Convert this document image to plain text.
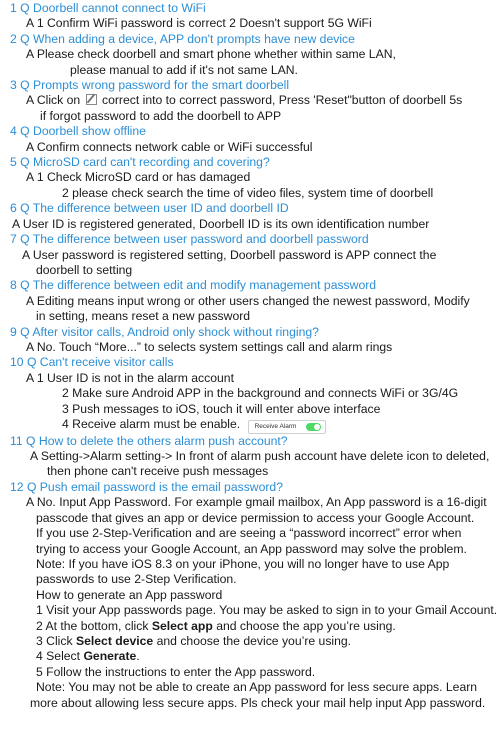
1 Q Doorbell cannot connect to WiFi
A 1 Confirm WiFi password is correct 2 Doesn't support 5G WiFi
2 Q When adding a device, APP don't prompts have new device
A Please check doorbell and smart phone whether within same LAN,
please manual to add if it's not same LAN.
3 Q Prompts wrong password for the smart doorbell
A Click on correct into to correct password, Press 'Reset"button of doorbell 5s
if forgot password to add the doorbell to APP
4 Q Doorbell show offline
A Confirm connects network cable or WiFi successful
5 Q MicroSD card can't recording and covering?
A 1 Check MicroSD card or has damaged
2 please check search the time of video files, system time of doorbell
6 Q The difference between user ID and doorbell ID
A User ID is registered generated, Doorbell ID is its own identification number
7 Q The difference between user password and doorbell password
A User password is registered setting, Doorbell password is APP connect the
doorbell to setting
8 Q The difference between edit and modify management password
A Editing means input wrong or other users changed the newest password, Modify
in setting, means reset a new password
9 Q After visitor calls, Android only shock without ringing?
A No. Touch “More...” to selects system settings call and alarm rings
10 Q Can't receive visitor calls
A 1 User ID is not in the alarm account
2 Make sure Android APP in the background and connects WiFi or 3G/4G
3 Push messages to iOS, touch it will enter above interface
4 Receive alarm must be enable. Receive Alarm
11 Q How to delete the others alarm push account?
A Setting->Alarm setting-> In front of alarm push account have delete icon to deleted,
then phone can't receive push messages
12 Q Push email password is the email password?
A No. Input App Password. For example gmail mailbox, An App password is a 16-digit
passcode that gives an app or device permission to access your Google Account.
If you use 2-Step-Verification and are seeing a “password incorrect” error when
trying to access your Google Account, an App password may solve the problem.
Note: If you have iOS 8.3 on your iPhone, you will no longer have to use App
passwords to use 2-Step Verification.
How to generate an App password
1 Visit your App passwords page. You may be asked to sign in to your Gmail Account.
2 At the bottom, click Select app and choose the app you’re using.
3 Click Select device and choose the device you’re using.
4 Select Generate.
5 Follow the instructions to enter the App password.
Note: You may not be able to create an App password for less secure apps. Learn
more about allowing less secure apps. Pls check your mail help input App password.
